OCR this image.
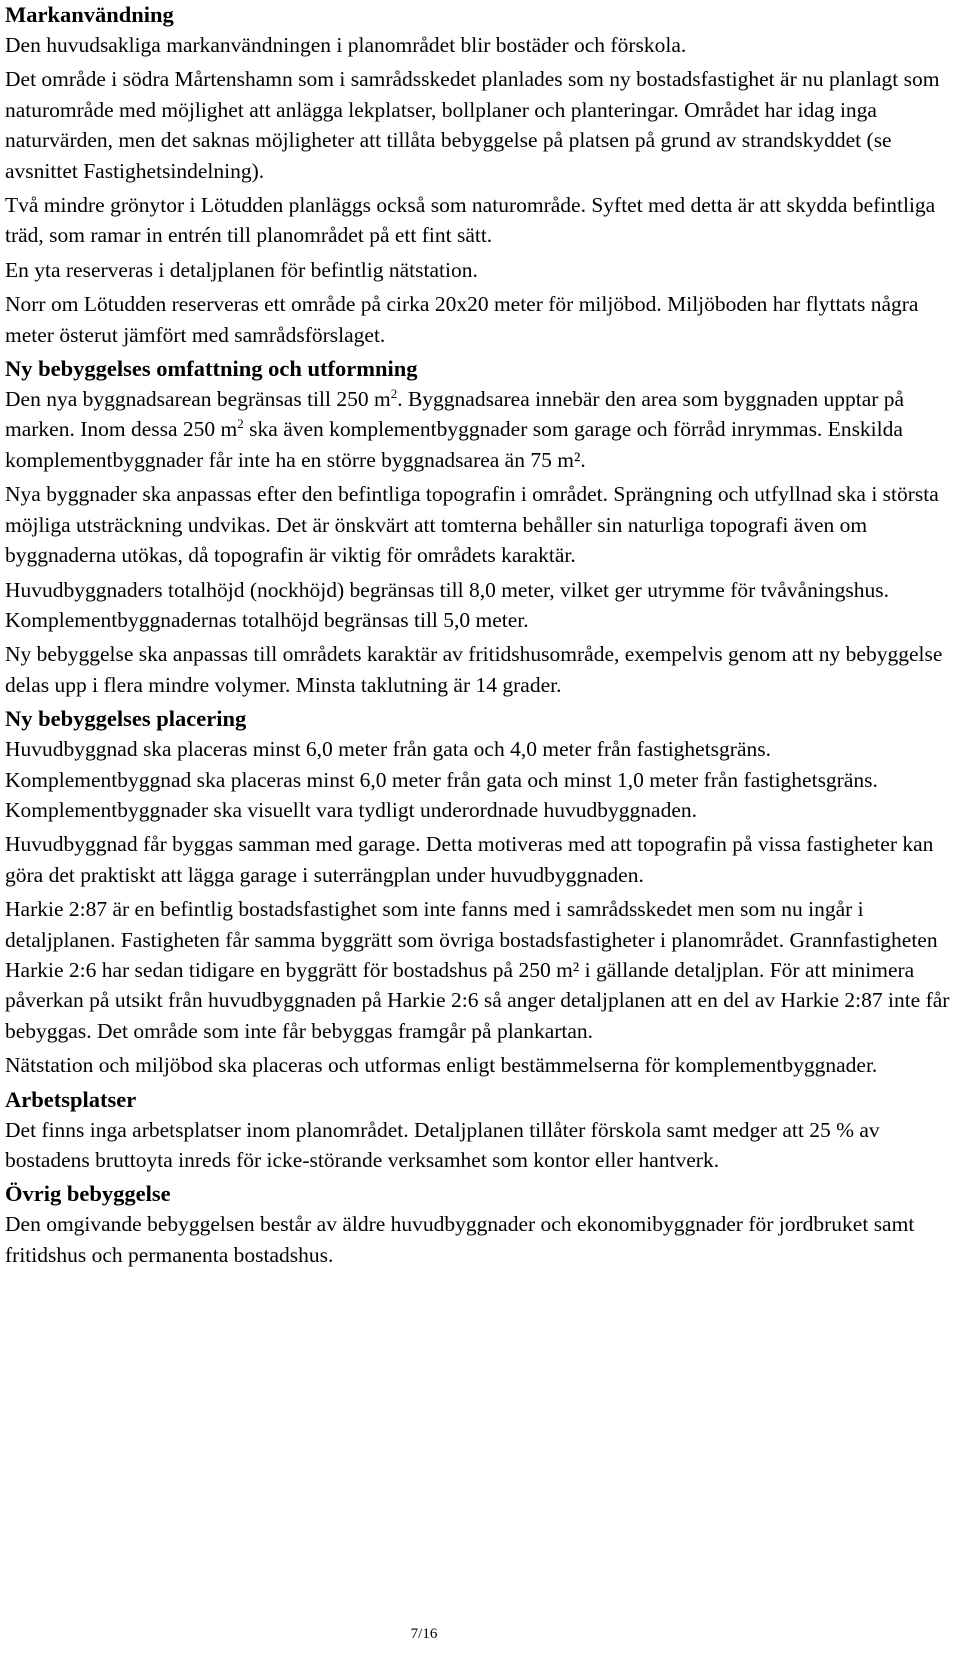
Markanvändning

Den huvudsakliga markanvändningen i planområdet blir bostäder och förskola.

Det område i södra Mårtenshamn som i samrådsskedet planlades som ny bostadsfastighet är nu planlagt som naturområde med möjlighet att anlägga lekplatser, bollplaner och planteringar. Området har idag inga naturvärden, men det saknas möjligheter att tillåta bebyggelse på platsen på grund av strandskyddet (se avsnittet Fastighetsindelning).

Två mindre grönytor i Lötudden planläggs också som naturområde. Syftet med detta är att skydda befintliga träd, som ramar in entrén till planområdet på ett fint sätt.

En yta reserveras i detaljplanen för befintlig nätstation.

Norr om Lötudden reserveras ett område på cirka 20x20 meter för miljöbod. Miljöboden har flyttats några meter österut jämfört med samrådsförslaget.

Ny bebyggelses omfattning och utformning

Den nya byggnadsarean begränsas till 250 $m^2$. Byggnadsarea innebär den area som byggnaden upptar på marken. Inom dessa 250 $m^2$ ska även komplementbyggnader som garage och förråd inrymmas. Enskilda komplementbyggnader får inte ha en större byggnadsarea än 75 m².

Nya byggnader ska anpassas efter den befintliga topografin i området. Sprängning och utfyllnad ska i största möjliga utsträckning undvikas. Det är önskvärt att tomterna behåller sin naturliga topografi även om byggnaderna utökas, då topografin är viktig för områdets karaktär.

Huvudbyggnaders totalhöjd (nockhöjd) begränsas till 8,0 meter, vilket ger utrymme för tvåvåningshus. Komplementbyggnadernas totalhöjd begränsas till 5,0 meter.

Ny bebyggelse ska anpassas till områdets karaktär av fritidshusområde, exempelvis genom att ny bebyggelse delas upp i flera mindre volymer. Minsta taklutning är 14 grader.

Ny bebyggelses placering

Huvudbyggnad ska placeras minst 6,0 meter från gata och 4,0 meter från fastighetsgräns. Komplementbyggnad ska placeras minst 6,0 meter från gata och minst 1,0 meter från fastighetsgräns. Komplementbyggnader ska visuellt vara tydligt underordnade huvudbyggnaden.

Huvudbyggnad får byggas samman med garage. Detta motiveras med att topografin på vissa fastigheter kan göra det praktiskt att lägga garage i suterrängplan under huvudbyggnaden.

Harkie 2:87 är en befintlig bostadsfastighet som inte fanns med i samrådsskedet men som nu ingår i detaljplanen. Fastigheten får samma byggrätt som övriga bostadsfastigheter i planområdet. Grannfastigheten Harkie 2:6 har sedan tidigare en byggrätt för bostadshus på 250 m² i gällande detaljplan. För att minimera påverkan på utsikt från huvudbyggnaden på Harkie 2:6 så anger detaljplanen att en del av Harkie 2:87 inte får bebyggas. Det område som inte får bebyggas framgår på plankartan.

Nätstation och miljöbod ska placeras och utformas enligt bestämmelserna för komplementbyggnader.

Arbetsplatser

Det finns inga arbetsplatser inom planområdet. Detaljplanen tillåter förskola samt medger att 25 % av bostadens bruttoyta inreds för icke-störande verksamhet som kontor eller hantverk.

Övrig bebyggelse

Den omgivande bebyggelsen består av äldre huvudbyggnader och ekonomibyggnader för jordbruket samt fritidshus och permanenta bostadshus.

7/16
